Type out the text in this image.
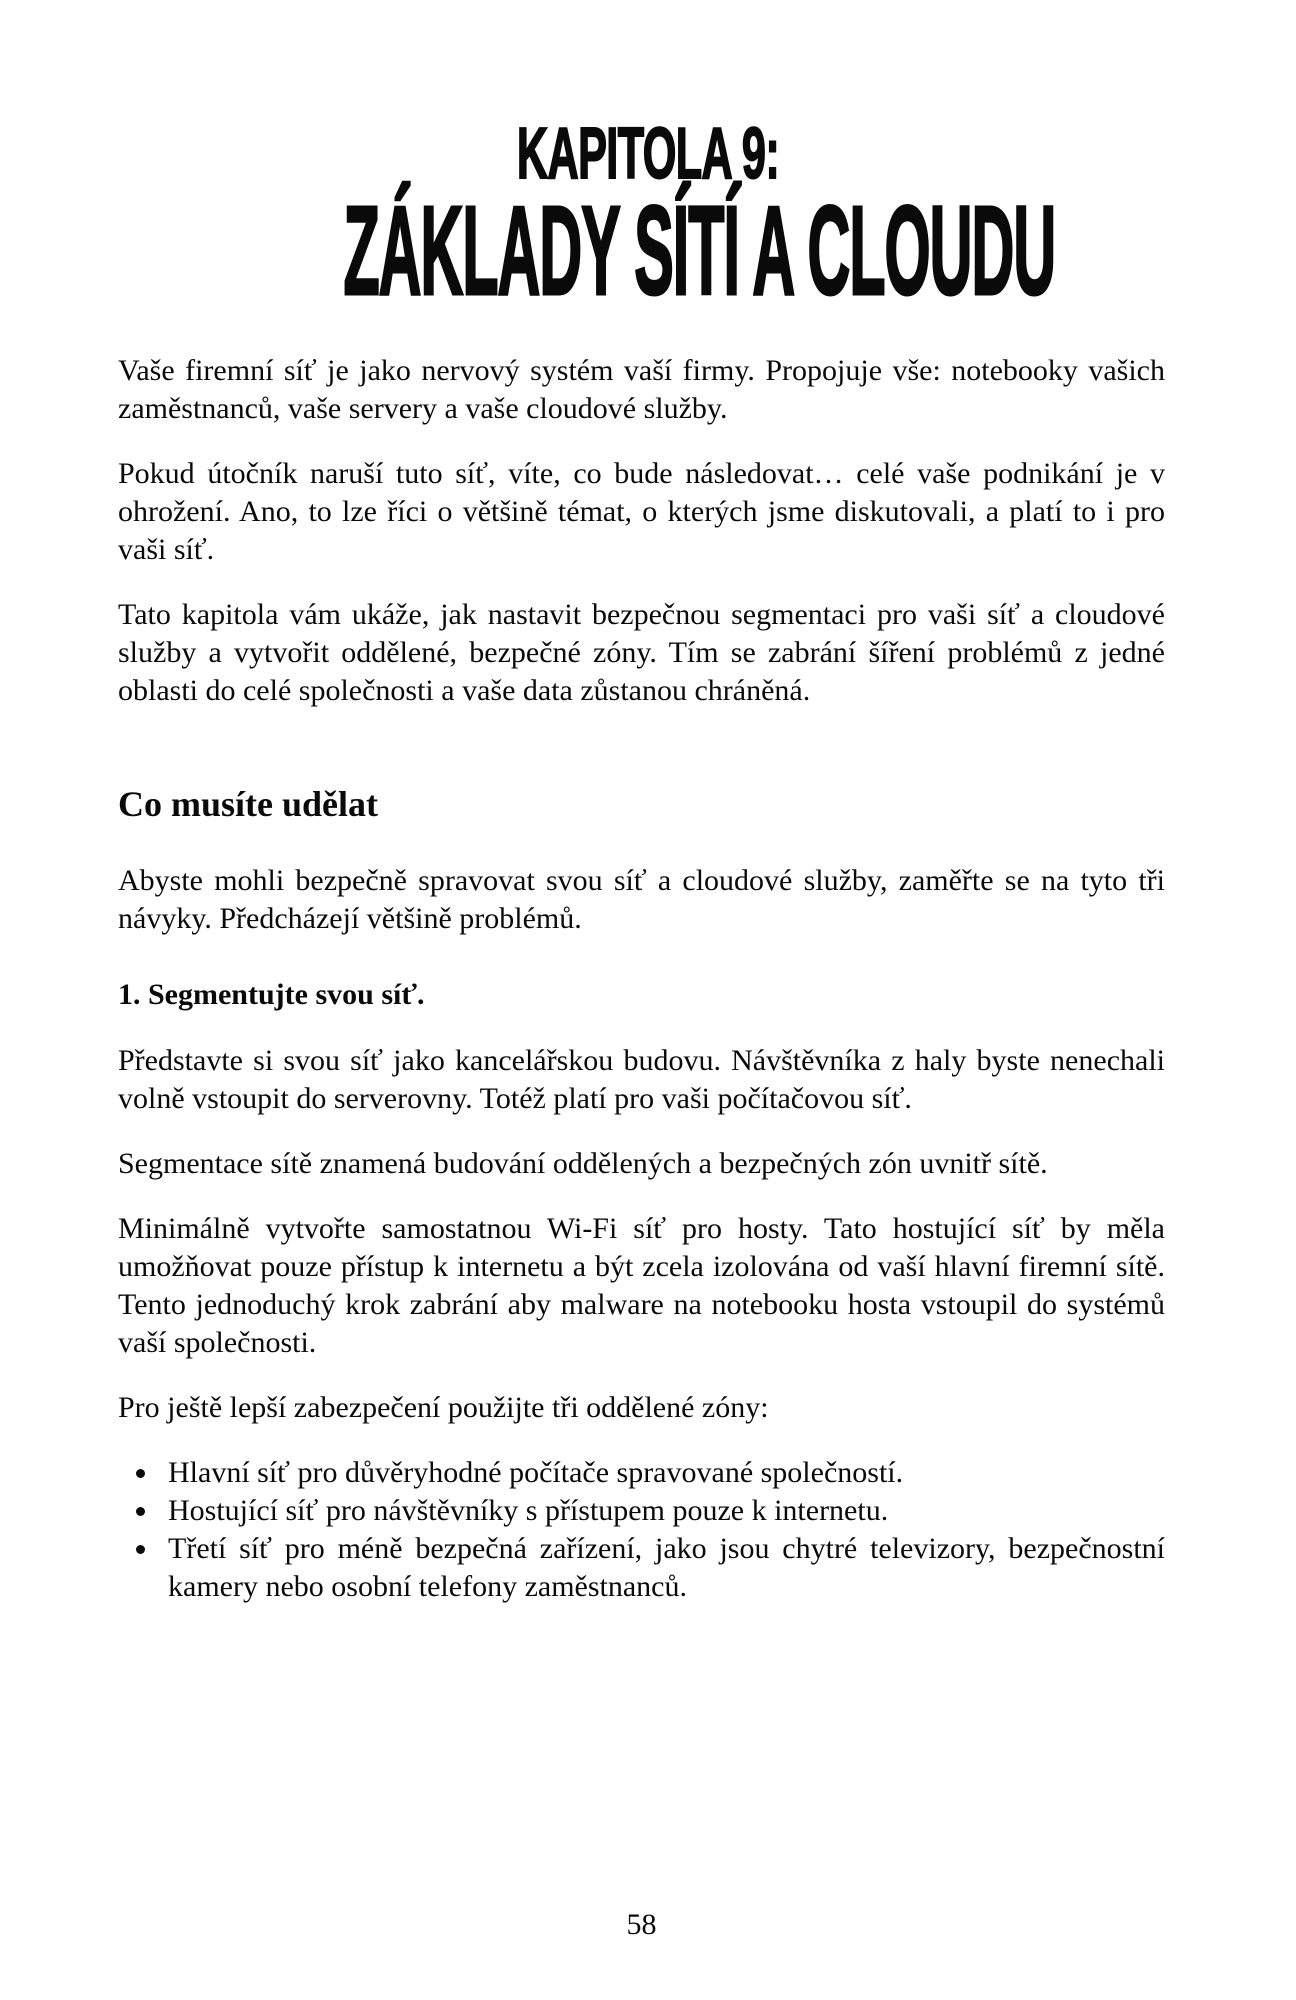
KAPITOLA 9:
ZÁKLADY SÍTÍ A CLOUDU

Vaše firemní síť je jako nervový systém vaší firmy. Propojuje vše: notebooky vašich zaměstnanců, vaše servery a vaše cloudové služby.

Pokud útočník naruší tuto síť, víte, co bude následovat… celé vaše podnikání je v ohrožení. Ano, to lze říci o většině témat, o kterých jsme diskutovali, a platí to i pro vaši síť.

Tato kapitola vám ukáže, jak nastavit bezpečnou segmentaci pro vaši síť a cloudové služby a vytvořit oddělené, bezpečné zóny. Tím se zabrání šíření problémů z jedné oblasti do celé společnosti a vaše data zůstanou chráněná.

Co musíte udělat

Abyste mohli bezpečně spravovat svou síť a cloudové služby, zaměřte se na tyto tři návyky. Předcházejí většině problémů.

1. Segmentujte svou síť.

Představte si svou síť jako kancelářskou budovu. Návštěvníka z haly byste nenechali volně vstoupit do serverovny. Totéž platí pro vaši počítačovou síť.

Segmentace sítě znamená budování oddělených a bezpečných zón uvnitř sítě.

Minimálně vytvořte samostatnou Wi-Fi síť pro hosty. Tato hostující síť by měla umožňovat pouze přístup k internetu a být zcela izolována od vaší hlavní firemní sítě. Tento jednoduchý krok zabrání aby malware na notebooku hosta vstoupil do systémů vaší společnosti.

Pro ještě lepší zabezpečení použijte tři oddělené zóny:

• Hlavní síť pro důvěryhodné počítače spravované společností.
• Hostující síť pro návštěvníky s přístupem pouze k internetu.
• Třetí síť pro méně bezpečná zařízení, jako jsou chytré televizory, bezpečnostní kamery nebo osobní telefony zaměstnanců.
58
